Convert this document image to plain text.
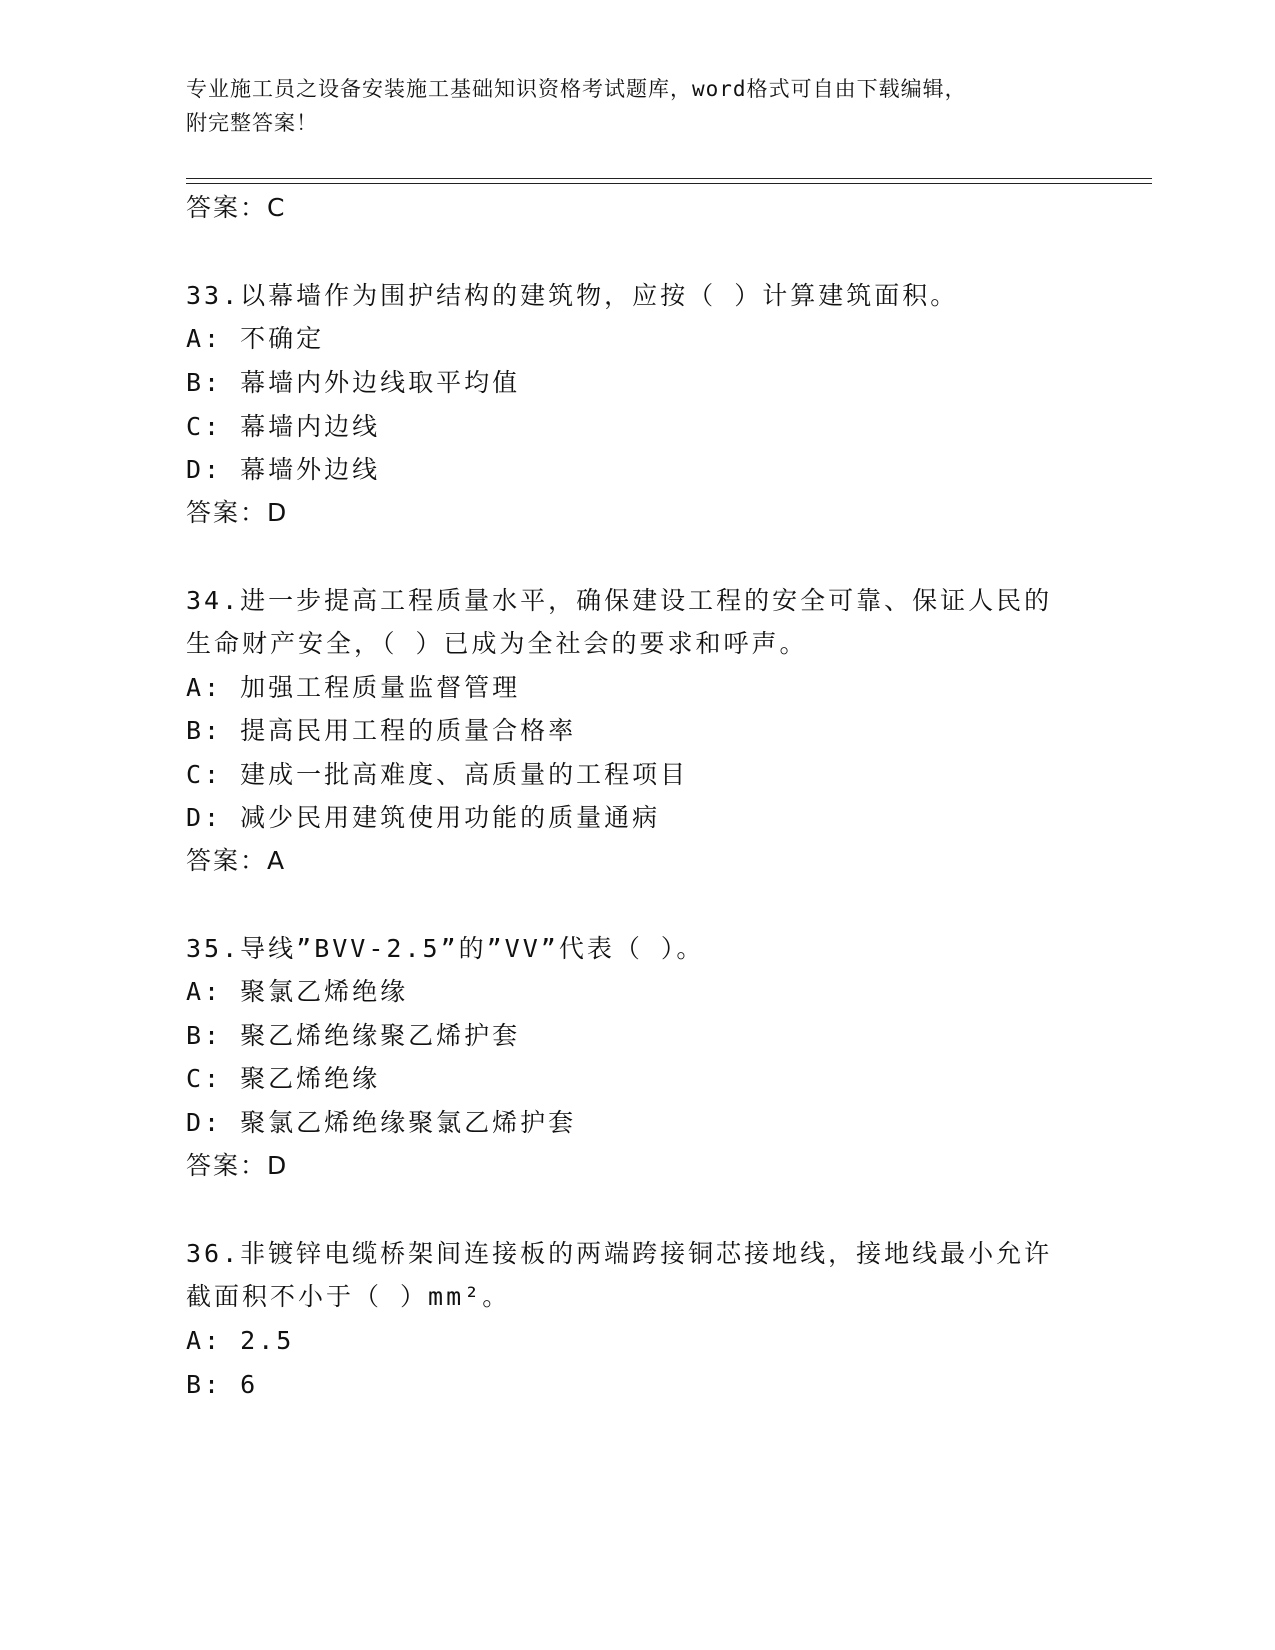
专业施工员之设备安装施工基础知识资格考试题库，word格式可自由下载编辑，
附完整答案！
答案：C
33.以幕墙作为围护结构的建筑物，应按（ ）计算建筑面积。
A: 不确定
B: 幕墙内外边线取平均值
C: 幕墙内边线
D: 幕墙外边线
答案：D
34.进一步提高工程质量水平，确保建设工程的安全可靠、保证人民的
生命财产安全，（ ）已成为全社会的要求和呼声。
A: 加强工程质量监督管理
B: 提高民用工程的质量合格率
C: 建成一批高难度、高质量的工程项目
D: 减少民用建筑使用功能的质量通病
答案：A
35.导线”BVV-2.5”的”VV”代表（ ）。
A: 聚氯乙烯绝缘
B: 聚乙烯绝缘聚乙烯护套
C: 聚乙烯绝缘
D: 聚氯乙烯绝缘聚氯乙烯护套
答案：D
36.非镀锌电缆桥架间连接板的两端跨接铜芯接地线，接地线最小允许
截面积不小于（ ）mm²。
A: 2.5
B: 6
